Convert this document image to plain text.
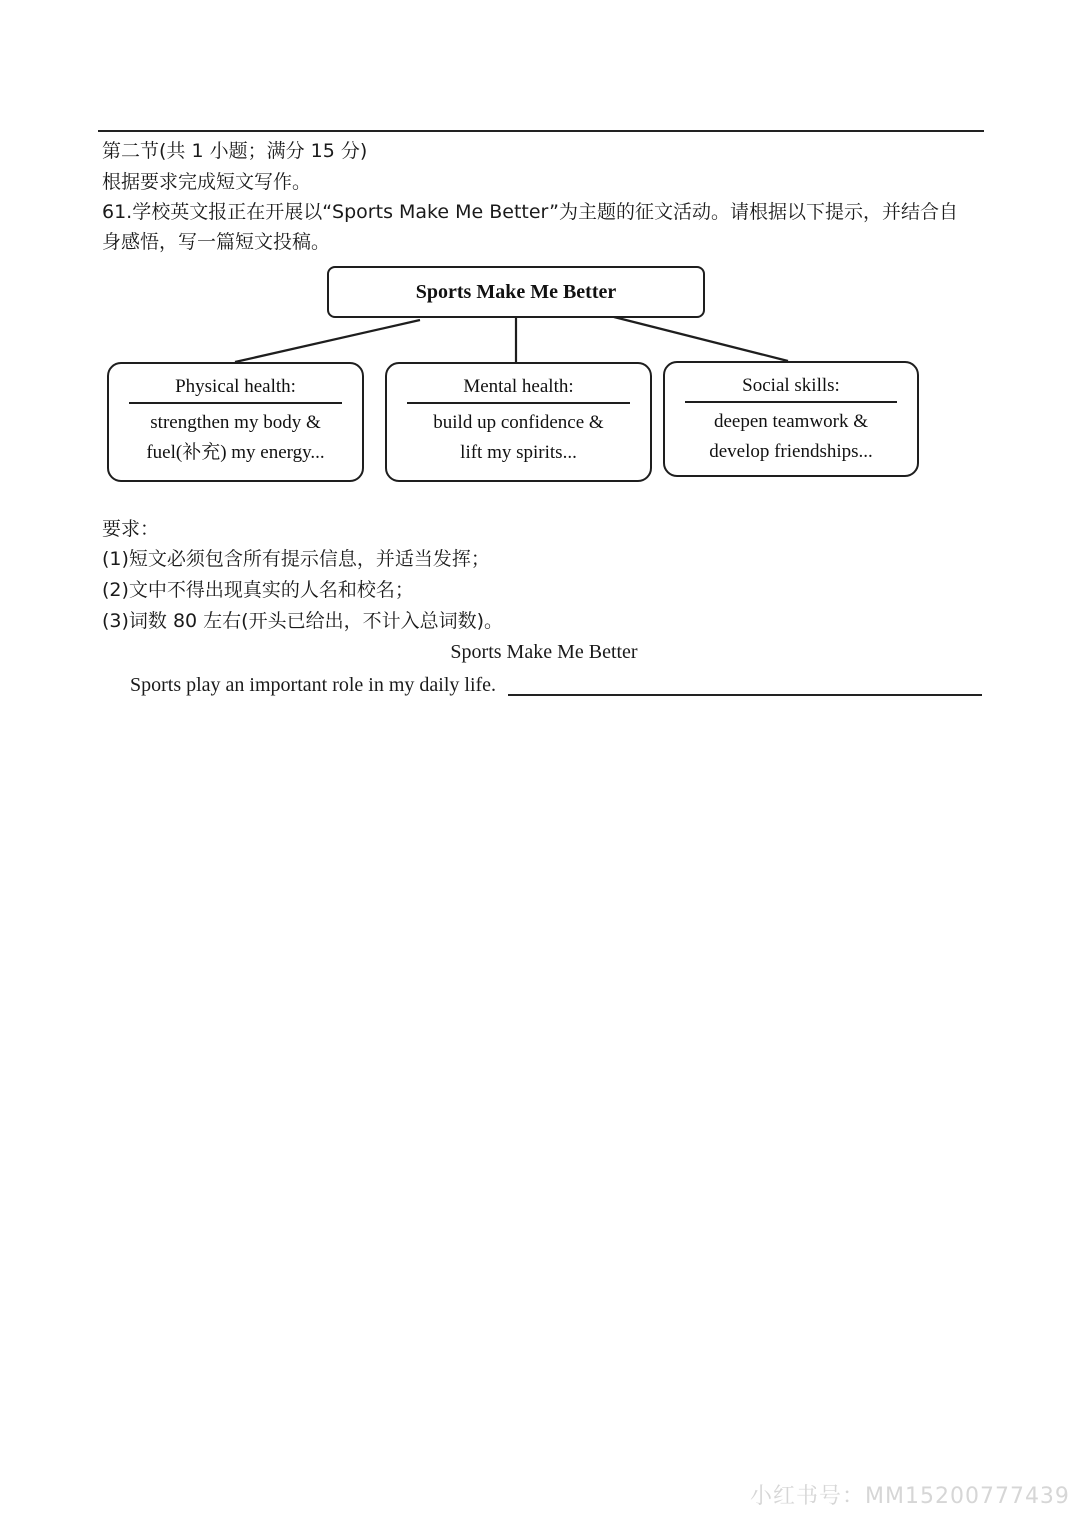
第二节(共 1 小题；满分 15 分)
根据要求完成短文写作。
61.学校英文报正在开展以“Sports Make Me Better”为主题的征文活动。请根据以下提示，并结合自
身感悟，写一篇短文投稿。
Sports Make Me Better
Physical health:
strengthen my body &
fuel(补充) my energy...
Mental health:
build up confidence &
lift my spirits...
Social skills:
deepen teamwork &
develop friendships...
要求：
(1)短文必须包含所有提示信息，并适当发挥；
(2)文中不得出现真实的人名和校名；
(3)词数 80 左右(开头已给出，不计入总词数)。
Sports Make Me Better
Sports play an important role in my daily life.
小红书号：MM15200777439
